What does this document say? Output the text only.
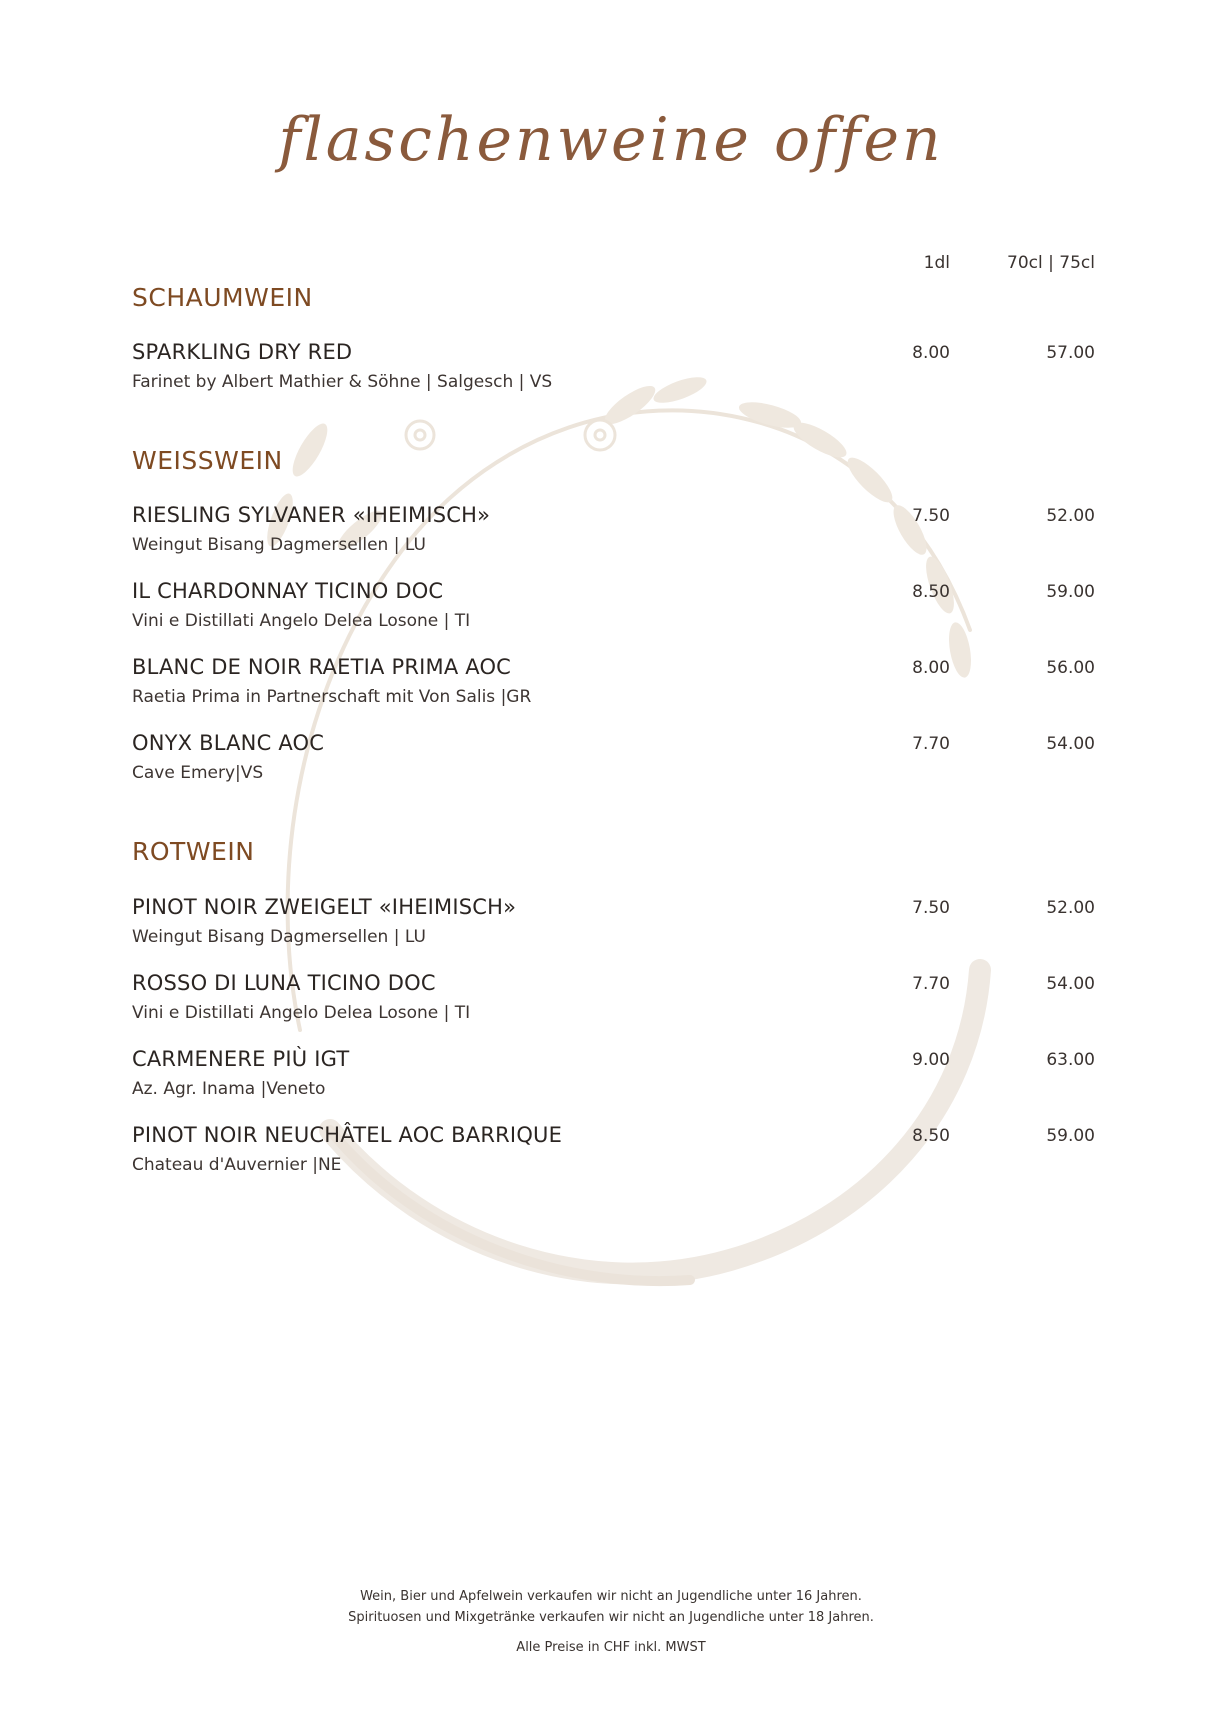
flaschenweine offen
1dl	70cl | 75cl
SCHAUMWEIN
SPARKLING DRY RED
Farinet by Albert Mathier & Söhne | Salgesch | VS
8.00	57.00
WEISSWEIN
RIESLING SYLVANER «IHEIMISCH»
Weingut Bisang Dagmersellen | LU
7.50	52.00
IL CHARDONNAY TICINO DOC
Vini e Distillati Angelo Delea Losone | TI
8.50	59.00
BLANC DE NOIR RAETIA PRIMA AOC
Raetia Prima in Partnerschaft mit Von Salis |GR
8.00	56.00
ONYX BLANC AOC
Cave Emery|VS
7.70	54.00
ROTWEIN
PINOT NOIR ZWEIGELT «IHEIMISCH»
Weingut Bisang Dagmersellen | LU
7.50	52.00
ROSSO DI LUNA TICINO DOC
Vini e Distillati Angelo Delea Losone | TI
7.70	54.00
CARMENERE PIÙ IGT
Az. Agr. Inama |Veneto
9.00	63.00
PINOT NOIR NEUCHÂTEL AOC BARRIQUE
Chateau d'Auvernier |NE
8.50	59.00
Wein, Bier und Apfelwein verkaufen wir nicht an Jugendliche unter 16 Jahren.
Spirituosen und Mixgetränke verkaufen wir nicht an Jugendliche unter 18 Jahren.
Alle Preise in CHF inkl. MWST
